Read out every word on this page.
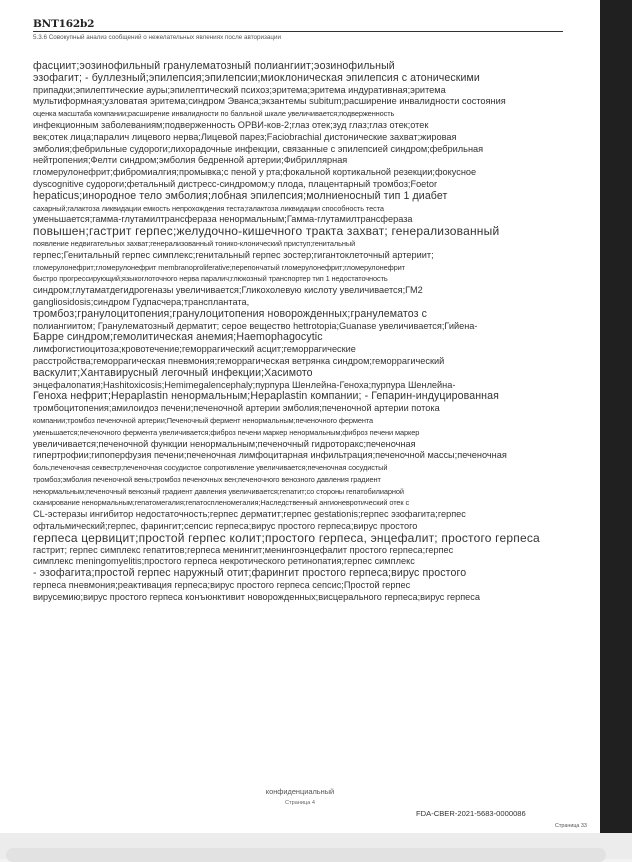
BNT162b2
5.3.6 Совокупный анализ сообщений о нежелательных явлениях после авторизации
фасциит;эозинофильный гранулематозный полиангиит;эозинофильный
эзофагит; - буллезный;эпилепсия;эпилепсии;миоклоническая эпилепсия с атоническими
припадки;эпилептические ауры;эпилептический психоз;эритема;эритема индуративная;эритема
мультиформная;узловатая эритема;синдром Эванса;экзантемы subitum;расширение инвалидности состояния
оценка масштаба компании;расширение инвалидности по балльной шкале увеличивается;подверженность
инфекционным заболеваниям;подверженность ОРВИ-ков-2;глаз отек;зуд глаз;глаз отек;отек
век;отек лица;паралич лицевого нерва;Лицевой парез;Faciobrachial дистонические захват;жировая
эмболия;фебрильные судороги;лихорадочные инфекции, связанные с эпилепсией синдром;фебрильная
нейтропения;Фелти синдром;эмболия бедренной артерии;Фибриллярная
гломерулонефрит;фибромиалгия;промывка;с пеной у рта;фокальной кортикальной резекции;фокусное
dyscognitive судороги;фетальный дистресс-синдромом;у плода, плацентарный тромбоз;Foetor
hepaticus;инородное тело эмболия;лобная эпилепсия;молниеносный тип 1 диабет
сахарный;галактоза ликвидации емкость непрохождения теста;галактоза ликвидации способность теста
уменьшается;гамма-глутамилтрансфераза ненормальным;Гамма-глутамилтрансфераза
повышен;гастрит герпес;желудочно-кишечного тракта захват; генерализованный
появление недвигательных захват;генерализованный тонико-клонический приступ;генитальный
герпес;Генитальный герпес симплекс;генитальный герпес зостер;гигантоклеточный артериит;
гломерулонефрит;гломерулонефрит membranoproliferative;перепончатый гломерулонефрит;гломерулонефрит
быстро прогрессирующий;языкоглоточного нерва паралич;глюкозный транспортер тип 1 недостаточность
синдром;глутаматдегидрогеназы увеличивается;Гликохолевую кислоту увеличивается;ГМ2
gangliosidosis;синдром Гудпасчера;трансплантата,
тромбоз;гранулоцитопения;гранулоцитопения новорожденных;гранулематоз с
полиангиитом; Гранулематозный дерматит; серое вещество hettrotopia;Guanase увеличивается;Гийена-
Барре синдром;гемолитическая анемия;Haemophagocytic
лимфогистиоцитоза;кровотечение;геморрагический асцит;геморрагические
расстройства;геморрагическая пневмония;геморрагическая ветрянка синдром;геморрагический
васкулит;Хантавирусный легочный инфекции;Хасимото
энцефалопатия;Hashitoxicosis;Hemimegalencephaly;пурпура Шенлейна-Геноха;пурпура Шенлейна-
Геноха нефрит;Hepaplastin ненормальным;Hepaplastin компании; - Гепарин-индуцированная
тромбоцитопения;амилоидоз печени;печеночной артерии эмболия;печеночной артерии потока
компании;тромбоз печеночной артерии;Печеночный фермент ненормальным;печеночного фермента
уменьшается;печеночного фермента увеличивается;фиброз печени маркер ненормальным;фиброз печени маркер
увеличивается;печеночной функции ненормальным;печеночный гидроторакс;печеночная
гипертрофии;гипоперфузия печени;печеночная лимфоцитарная инфильтрация;печеночной массы;печеночная
боль;печеночная секвестр;печеночная сосудистое сопротивление увеличивается;печеночная сосудистый
тромбоз;эмболия печеночной вены;тромбоз печеночных вен;печеночного венозного давления градиент
ненормальным;печеночный венозный градиент давления увеличивается;гепатит;со стороны гепатобилиарной
сканирование ненормальным;гепатомегалия;гепатоспленомегалия;Наследственный ангионевротический отек с
CL-эстеразы ингибитор недостаточность;герпес дерматит;герпес gestationis;герпес эзофагита;герпес
офтальмический;герпес, фарингит;сепсис герпеса;вирус простого герпеса;вирус простого
герпеса цервицит;простой герпес колит;простого герпеса, энцефалит; простого герпеса
гастрит; герпес симплекс гепатитов;герпеса менингит;менингоэнцефалит простого герпеса;герпес
симплекс meningomyelitis;простого герпеса некротического ретинопатия;герпес симплекс
- эзофагита;простой герпес наружный отит;фарингит простого герпеса;вирус простого
герпеса пневмония;реактивация герпеса;вирус простого герпеса сепсис;Простой герпес
вирусемию;вирус простого герпеса конъюнктивит новорожденных;висцерального герпеса;вирус герпеса
конфиденциальный
Страница 4
FDA-CBER-2021-5683-0000086
Страница 33
